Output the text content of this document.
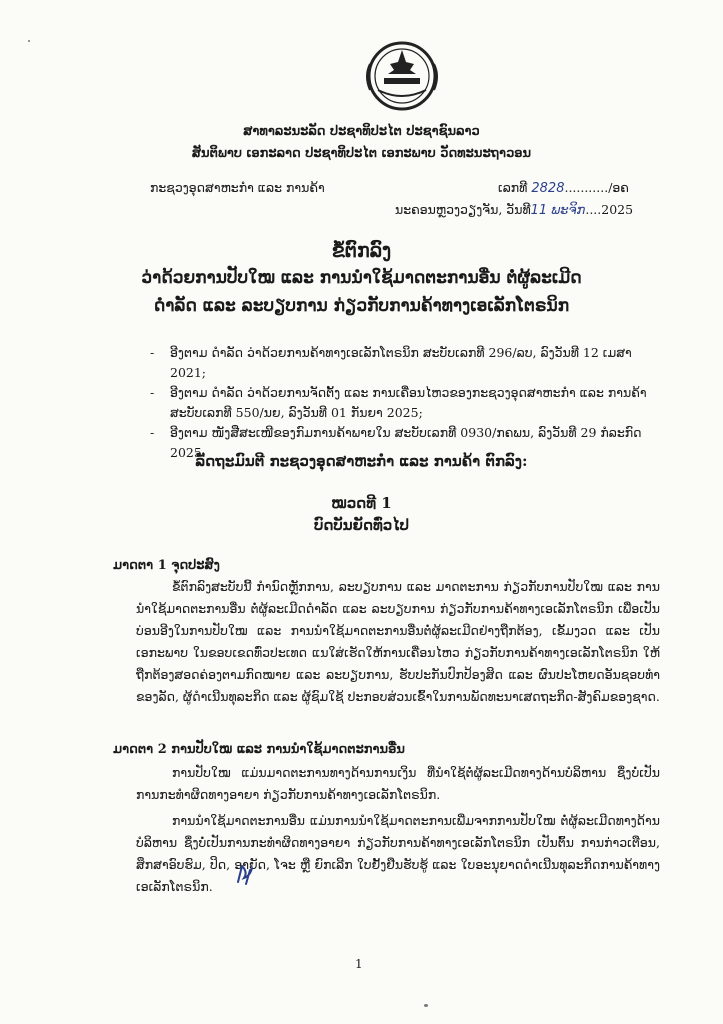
ສາທາລະນະລັດ ປະຊາທິປະໄຕ ປະຊາຊົນລາວ
ສັນຕິພາບ ເອກະລາດ ປະຊາທິປະໄຕ ເອກະພາບ ວັດທະນະຖາວອນ
ກະຊວງອຸດສາຫະກຳ ແລະ ການຄ້າ	ເລກທີ 2828.........../ອຄ
ນະຄອນຫຼວງວຽງຈັນ, ວັນທີ11 ພະຈິກ....2025
ຂໍ້ຕົກລົງ
ວ່າດ້ວຍການປັບໃໝ ແລະ ການນຳໃຊ້ມາດຕະການອື່ນ ຕໍ່ຜູ້ລະເມີດ
ດຳລັດ ແລະ ລະບຽບການ ກ່ຽວກັບການຄ້າທາງເອເລັກໂຕຣນິກ
- ອີງຕາມ ດຳລັດ ວ່າດ້ວຍການຄ້າທາງເອເລັກໂຕຣນິກ ສະບັບເລກທີ 296/ລບ, ລົງວັນທີ 12 ເມສາ 2021;
- ອີງຕາມ ດຳລັດ ວ່າດ້ວຍການຈັດຕັ້ງ ແລະ ການເຄື່ອນໄຫວຂອງກະຊວງອຸດສາຫະກຳ ແລະ ການຄ້າ ສະບັບເລກທີ 550/ນຍ, ລົງວັນທີ 01 ກັນຍາ 2025;
- ອີງຕາມ ໜັງສືສະເໜີຂອງກົມການຄ້າພາຍໃນ ສະບັບເລກທີ 0930/ກຄພນ, ລົງວັນທີ 29 ກໍລະກົດ 2025.
ລັດຖະມົນຕີ ກະຊວງອຸດສາຫະກຳ ແລະ ການຄ້າ ຕົກລົງ:
ໝວດທີ 1
ບົດບັນຍັດທົ່ວໄປ
ມາດຕາ 1 ຈຸດປະສົງ
ຂໍ້ຕົກລົງສະບັບນີ້ ກຳນົດຫຼັກການ, ລະບຽບການ ແລະ ມາດຕະການ ກ່ຽວກັບການປັບໃໝ ແລະ ການນຳໃຊ້ມາດຕະການອື່ນ ຕໍ່ຜູ້ລະເມີດດຳລັດ ແລະ ລະບຽບການ ກ່ຽວກັບການຄ້າທາງເອເລັກໂຕຣນິກ ເພື່ອເປັນບ່ອນອີງໃນການປັບໃໝ ແລະ ການນຳໃຊ້ມາດຕະການອື່ນຕໍ່ຜູ້ລະເມີດຢ່າງຖືກຕ້ອງ, ເຂັ້ມງວດ ແລະ ເປັນເອກະພາບ ໃນຂອບເຂດທົ່ວປະເທດ ແນໃສ່ເຮັດໃຫ້ການເຄື່ອນໄຫວ ກ່ຽວກັບການຄ້າທາງເອເລັກໂຕຣນິກ ໃຫ້ຖືກຕ້ອງສອດຄ່ອງຕາມກົດໝາຍ ແລະ ລະບຽບການ, ຮັບປະກັນປົກປ້ອງສິດ ແລະ ຜົນປະໂຫຍດອັນຊອບທຳຂອງລັດ, ຜູ້ດຳເນີນທຸລະກິດ ແລະ ຜູ້ຊົມໃຊ້ ປະກອບສ່ວນເຂົ້າໃນການພັດທະນາເສດຖະກິດ-ສັງຄົມຂອງຊາດ.
ມາດຕາ 2 ການປັບໃໝ ແລະ ການນຳໃຊ້ມາດຕະການອື່ນ
ການປັບໃໝ ແມ່ນມາດຕະການທາງດ້ານການເງິນ ທີ່ນຳໃຊ້ຕໍ່ຜູ້ລະເມີດທາງດ້ານບໍລິຫານ ຊຶ່ງບໍ່ເປັນການກະທຳຜິດທາງອາຍາ ກ່ຽວກັບການຄ້າທາງເອເລັກໂຕຣນິກ.
ການນຳໃຊ້ມາດຕະການອື່ນ ແມ່ນການນຳໃຊ້ມາດຕະການເພີ່ມຈາກການປັບໃໝ ຕໍ່ຜູ້ລະເມີດທາງດ້ານບໍລິຫານ ຊຶ່ງບໍ່ເປັນການກະທຳຜິດທາງອາຍາ ກ່ຽວກັບການຄ້າທາງເອເລັກໂຕຣນິກ ເປັນຕົ້ນ ການກ່າວເຕືອນ, ສຶກສາອົບຮົມ, ປິດ, ອາຍັດ, ໂຈະ ຫຼື ຍົກເລີກ ໃບຢັ້ງຢືນຮັບຮູ້ ແລະ ໃບອະນຸຍາດດຳເນີນທຸລະກິດການຄ້າທາງເອເລັກໂຕຣນິກ.
1
